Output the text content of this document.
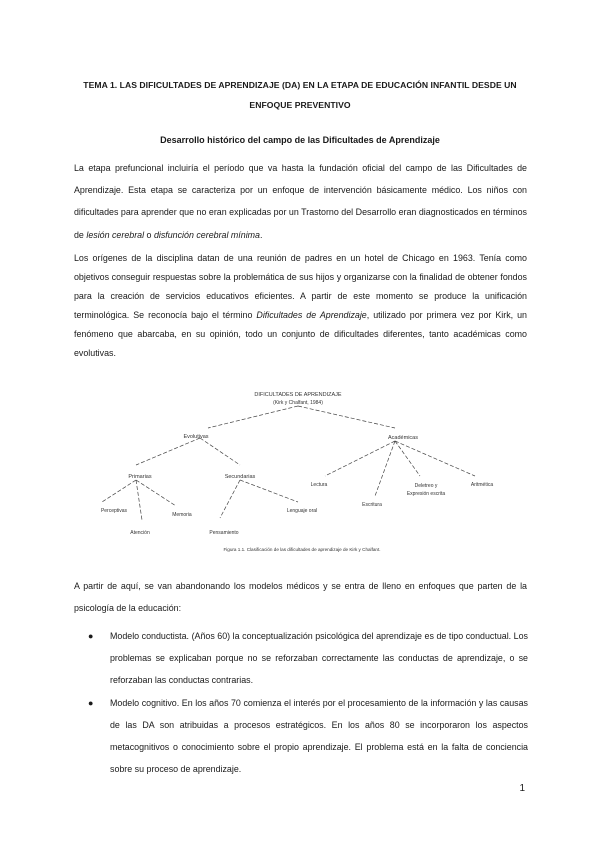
TEMA 1. LAS DIFICULTADES DE APRENDIZAJE (DA) EN LA ETAPA DE EDUCACIÓN INFANTIL DESDE UN
ENFOQUE PREVENTIVO
Desarrollo histórico del campo de las Dificultades de Aprendizaje

La etapa prefuncional incluiría el período que va hasta la fundación oficial del campo de las Dificultades de Aprendizaje. Esta etapa se caracteriza por un enfoque de intervención básicamente médico. Los niños con dificultades para aprender que no eran explicadas por un Trastorno del Desarrollo eran diagnosticados en términos de lesión cerebral o disfunción cerebral mínima.

Los orígenes de la disciplina datan de una reunión de padres en un hotel de Chicago en 1963. Tenía como objetivos conseguir respuestas sobre la problemática de sus hijos y organizarse con la finalidad de obtener fondos para la creación de servicios educativos eficientes. A partir de este momento se produce la unificación terminológica. Se reconocía bajo el término Dificultades de Aprendizaje, utilizado por primera vez por Kirk, un fenómeno que abarcaba, en su opinión, todo un conjunto de dificultades diferentes, tanto académicas como evolutivas.

DIFICULTADES DE APRENDIZAJE
(Kirk y Chalfant, 1984)
Evolutivas	Académicas
Primarias	Secundarias
Perceptivas
Atención
Memoria
Pensamiento
Lenguaje oral
Lectura
Escritura
Deletreo y
Expresión escrita
Aritmética
Figura 1.1. Clasificación de las dificultades de aprendizaje de Kirk y Chalfant.

A partir de aquí, se van abandonando los modelos médicos y se entra de lleno en enfoques que parten de la psicología de la educación:

● Modelo conductista. (Años 60) la conceptualización psicológica del aprendizaje es de tipo conductual. Los problemas se explicaban porque no se reforzaban correctamente las conductas de aprendizaje, o se reforzaban las conductas contrarias.
● Modelo cognitivo. En los años 70 comienza el interés por el procesamiento de la información y las causas de las DA son atribuidas a procesos estratégicos. En los años 80 se incorporaron los aspectos metacognitivos o conocimiento sobre el propio aprendizaje. El problema está en la falta de conciencia sobre su proceso de aprendizaje.
1
